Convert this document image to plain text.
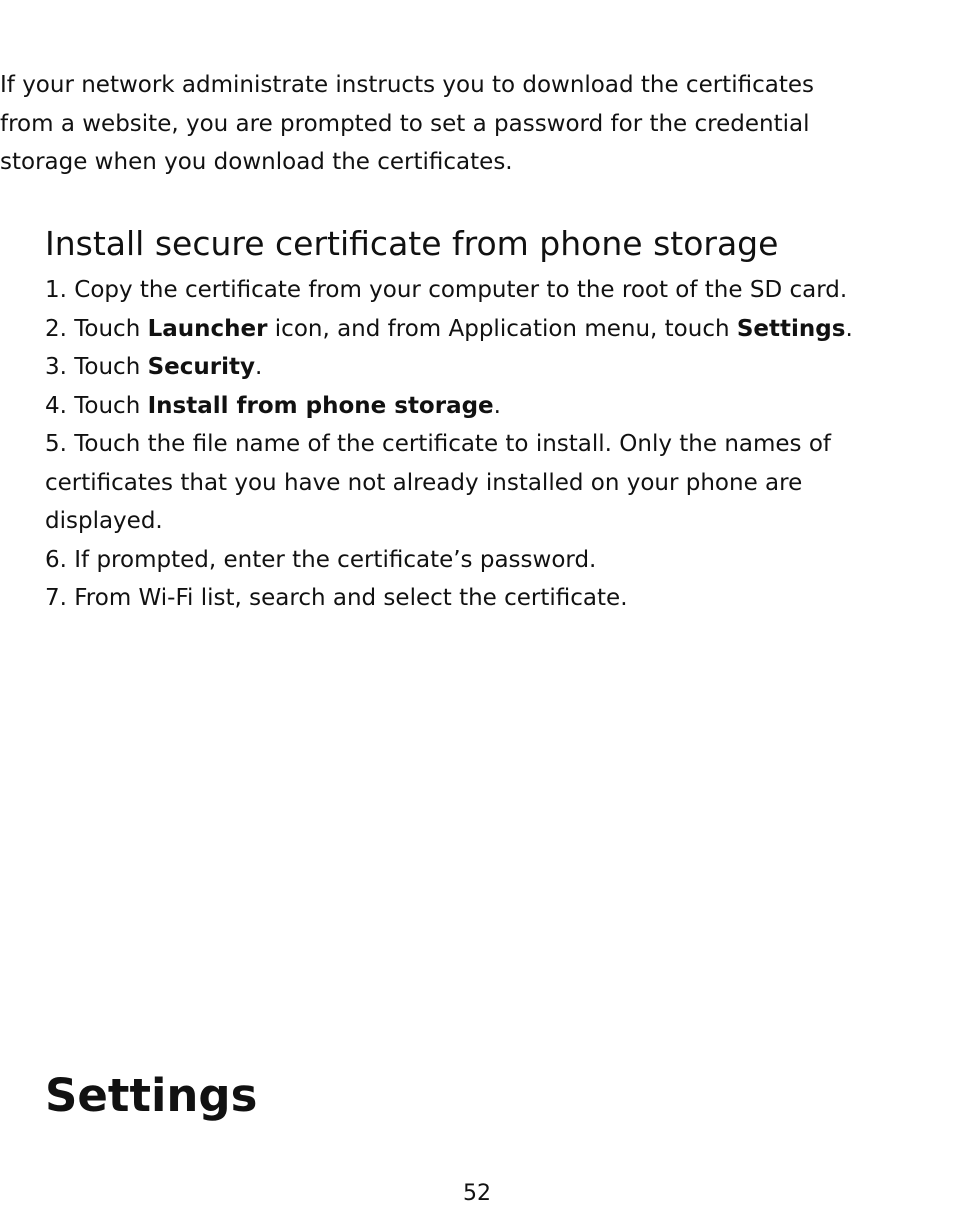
If your network administrate instructs you to download the certificates
from a website, you are prompted to set a password for the credential
storage when you download the certificates.

Install secure certificate from phone storage
1. Copy the certificate from your computer to the root of the SD card.
2. Touch Launcher icon, and from Application menu, touch Settings.
3. Touch Security.
4. Touch Install from phone storage.
5. Touch the file name of the certificate to install. Only the names of
certificates that you have not already installed on your phone are
displayed.
6. If prompted, enter the certificate’s password.
7. From Wi-Fi list, search and select the certificate.
Settings
52
